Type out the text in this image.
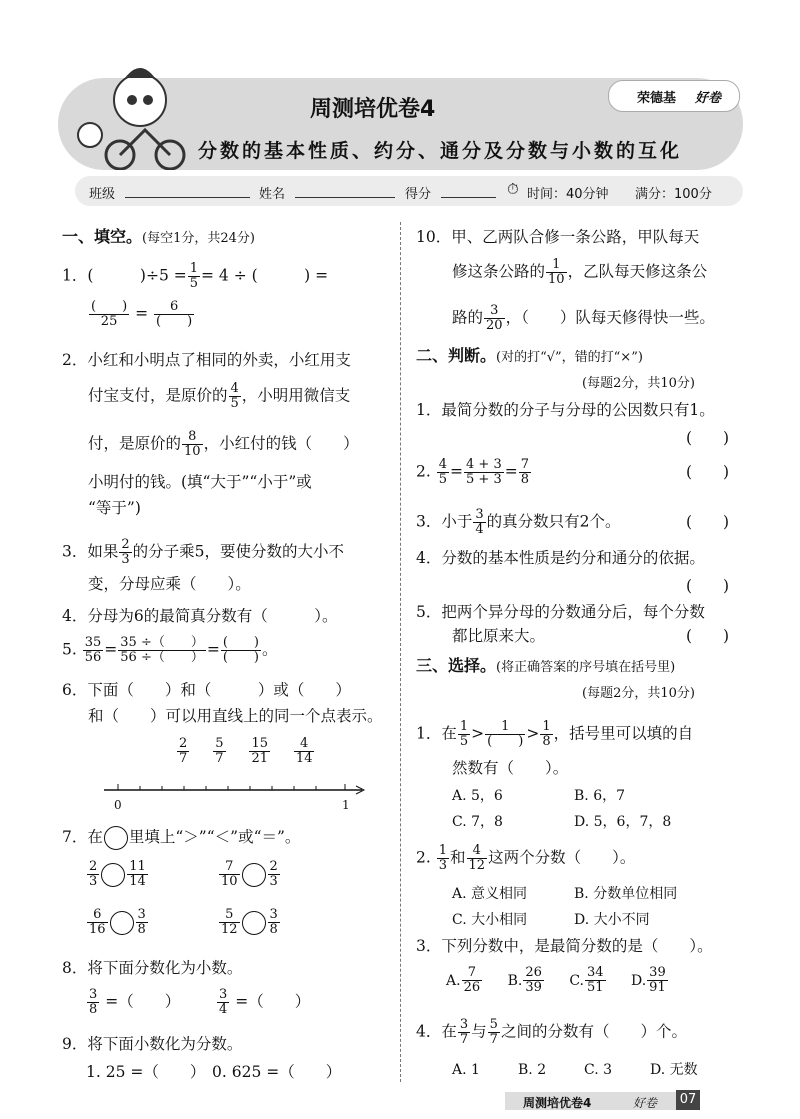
周测培优卷4
分数的基本性质、约分、通分及分数与小数的互化
荣德基 好卷
班级	姓名	得分	⏱ 时间：40分钟 满分：100分
一、填空。(每空1分，共24分)
1．(　　　)$\div 5 = \frac{1}{5} = 4$ ÷ (　　　) =
(　　)
25 =	6
(　　)
2．小红和小明点了相同的外卖，小红用支
付宝支付，是原价的 $\frac{4}{5}$ ，小明用微信支
付，是原价的 $\frac{8}{10}$ ，小红付的钱（　　）
小明付的钱。(填“大于”“小于”或
“等于”)
3．如果 $\frac{2}{3}$ 的分子乘5，要使分数的大小不
变，分母应乘（　　）。
4．分母为6的最简真分数有（　　　）。
5. $\frac{35}{56} = \frac{35 \div( )}{56 \div( )}$ = (　　)
(　　) 。
6．下面（　　）和（　　　）或（　　）
和（　　）可以用直线上的同一个点表示。
$\frac{2}{7}$
$\frac{5}{7}$
$\frac{15}{21}$
$\frac{4}{14}$
0	1
7．在 里填上“＞”“＜”或“＝”。
$\frac{2}{3} \frac{11}{14}$	$\frac{7}{10} \frac{2}{3}$
$\frac{6}{16} \frac{3}{8}$	$\frac{5}{12} \frac{3}{8}$
8．将下面分数化为小数。
$\frac{3}{8}$ =（　　）	$\frac{3}{4}$ =（　　）
9．将下面小数化为分数。
1. 25 =（　　） 0. 625 =（　　）
10．甲、乙两队合修一条公路，甲队每天
修这条公路的 $\frac{1}{10}$ ，乙队每天修这条公
路的 $\frac{3}{20}$ ，（　　）队每天修得快一些。
二、判断。(对的打“√”，错的打“×”)
(每题2分，共10分)
1．最简分数的分子与分母的公因数只有1。
(　　)
2. $\frac{4}{5} = \frac{4 + 3}{5 + 3} = \frac{7}{8}$	(　　)
3．小于 $\frac{3}{4}$ 的真分数只有2个。	(　　)
4．分数的基本性质是约分和通分的依据。
(　　)
5．把两个异分母的分数通分后，每个分数
都比原来大。	(　　)
三、选择。(将正确答案的序号填在括号里)
(每题2分，共10分)
1．在 $\frac{1}{5}$ >	1
(　　) > $\frac{1}{8}$ ，括号里可以填的自
然数有（　　）。
A. 5，6	B. 6，7
C. 7，8	D. 5，6，7，8
2. $\frac{1}{3}$ 和 $\frac{4}{12}$ 这两个分数（　　）。
A. 意义相同	B. 分数单位相同
C. 大小相同	D. 大小不同
3．下列分数中，是最简分数的是（　　）。
A. $\frac{7}{26} B$. $\frac{26}{39} C$. $\frac{34}{51} D$. $\frac{39}{91}$
4．在 $\frac{3}{7}$ 与 $\frac{5}{7}$ 之间的分数有（　　）个。
A. 1	B. 2	C. 3	D. 无数
周测培优卷4	好卷 07
